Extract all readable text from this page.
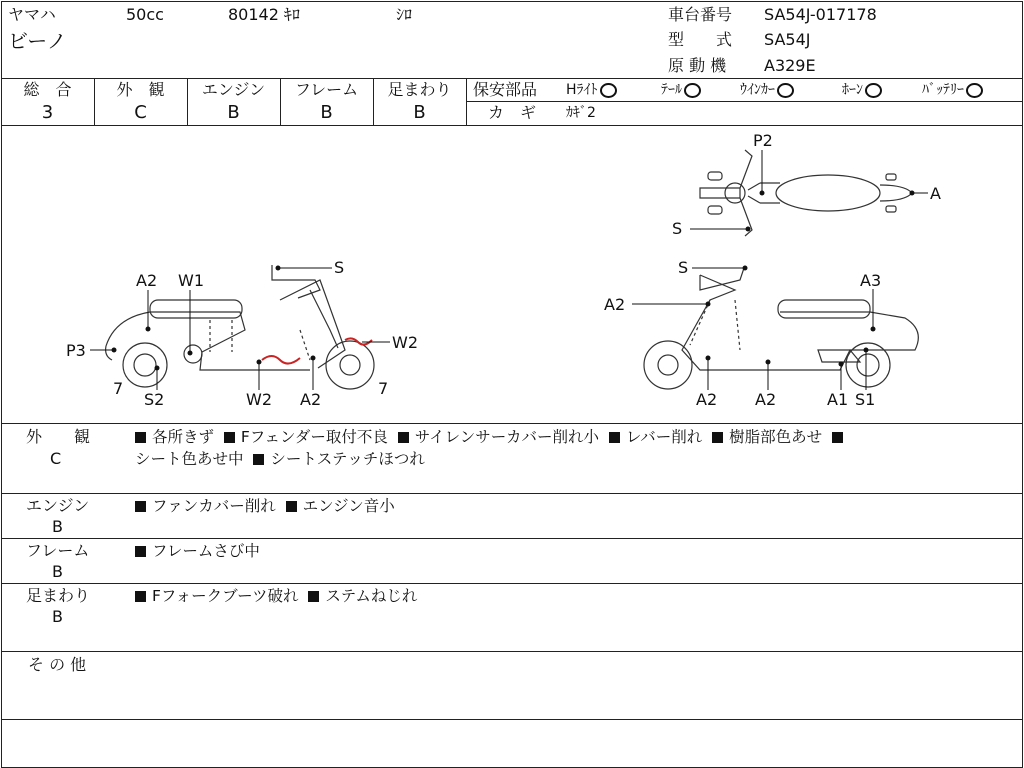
ヤマハ
ビーノ
50cc	80142 ｷﾛ	ｼﾛ	車台番号 SA54J-017178
型　　式 SA54J
原 動 機 A329E
総　合
3
外　観
C
エンジン
B
フレーム
B
足まわり
B
保安部品 Hﾗｲﾄ	ﾃｰﾙ	ｳｲﾝｶｰ	ﾎｰﾝ	ﾊﾞｯﾃﾘｰ
カ　ギ ｶｷﾞ2
P2
A
S
S
A2 W1
P3	W2
7
S2	W2 A2
7
S
A2
A3
A2 A2	A1 S1
外　　観
C
各所きず Fフェンダー取付不良 サイレンサーカバー削れ小 レバー削れ 樹脂部色あせ
シート色あせ中 シートステッチほつれ
エンジン
B
ファンカバー削れ エンジン音小
フレーム
B
フレームさび中
足まわり
B
Fフォークブーツ破れ ステムねじれ
そ の 他
